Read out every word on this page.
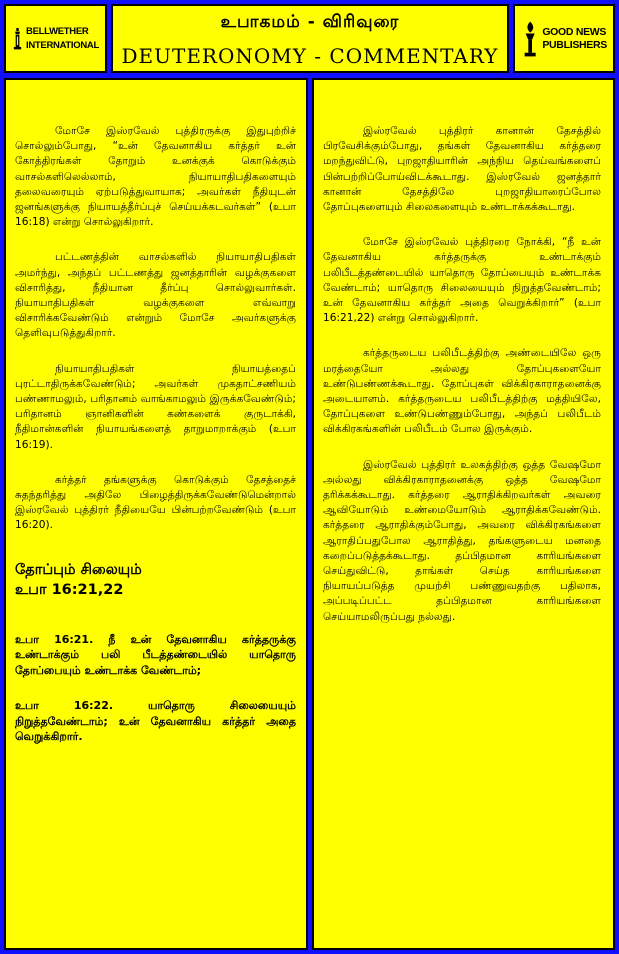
BELLWETHER
INTERNATIONAL
உபாகமம் - விரிவுரை
DEUTERONOMY - COMMENTARY
GOOD NEWS
PUBLISHERS

மோசே இஸ்ரவேல் புத்திரருக்கு இதுபுற்றிச் சொல்லும்போது, “உன் தேவனாகிய கர்த்தர் உன் கோத்திரங்கள் தோறும் உனக்குக் கொடுக்கும் வாசல்களிலெல்லாம், நியாயாதிபதிகளையும் தலைவரையும் ஏற்படுத்துவாயாக; அவர்கள் நீதியுடன் ஜனங்களுக்கு நியாயத்தீர்ப்புச் செய்யக்கடவர்கள்” (உபா 16:18) என்று சொல்லுகிறார்.

பட்டணத்தின் வாசல்களில் நியாயாதிபதிகள் அமர்ந்து, அந்தப் பட்டணத்து ஜனத்தாரின் வழக்குகளை விசாரித்து, நீதியான தீர்ப்பு சொல்லுவார்கள். நியாயாதிபதிகள் வழக்குகளை எவ்வாறு விசாரிக்கவேண்டும் என்றும் மோசே அவர்களுக்கு தெளிவுபடுத்துகிறார்.

நியாயாதிபதிகள் நியாயத்தைப் புரட்டாதிருக்கவேண்டும்; அவர்கள் முகதாட்சணியம் பண்ணாமலும், பரிதானம் வாங்காமலும் இருக்கவேண்டும்; பரிதானம் ஞானிகளின் கண்களைக் குருடாக்கி, நீதிமான்களின் நியாயங்களைத் தாறுமாறாக்கும் (உபா 16:19).

கர்த்தர் தங்களுக்கு கொடுக்கும் தேசத்தைச் சுதந்தரித்து அதிலே பிழைத்திருக்கவேண்டுமென்றால் இஸ்ரவேல் புத்திரர் நீதியையே பின்பற்றவேண்டும் (உபா 16:20).

தோப்பும் சிலையும்
உபா 16:21,22

உபா 16:21. நீ உன் தேவனாகிய கர்த்தருக்கு உண்டாக்கும் பலி பீடத்தண்டையில் யாதொரு தோப்பையும் உண்டாக்க வேண்டாம்;

உபா 16:22. யாதொரு சிலையையும் நிறுத்தவேண்டாம்; உன் தேவனாகிய கர்த்தர் அதை வெறுக்கிறார்.

இஸ்ரவேல் புத்திரர் கானான் தேசத்தில் பிரவேசிக்கும்போது, தங்கள் தேவனாகிய கர்த்தரை மறந்துவிட்டு, புறஜாதியாரின் அந்நிய தெய்வங்களைப் பின்பற்றிப்போய்விடக்கூடாது. இஸ்ரவேல் ஜனத்தார் கானான் தேசத்திலே புறஜாதியாரைப்போல தோப்புகளையும் சிலைகளையும் உண்டாக்கக்கூடாது.

மோசே இஸ்ரவேல் புத்திரரை நோக்கி, “நீ உன் தேவனாகிய கர்த்தருக்கு உண்டாக்கும் பலிபீடத்தண்டையில் யாதொரு தோப்பையும் உண்டாக்க வேண்டாம்; யாதொரு சிலையையும் நிறுத்தவேண்டாம்; உன் தேவனாகிய கர்த்தர் அதை வெறுக்கிறார்” (உபா 16:21,22) என்று சொல்லுகிறார்.

கர்த்தருடைய பலிபீடத்திற்கு அண்டையிலே ஒரு மரத்தையோ அல்லது தோப்புகளையோ உண்டுபண்ணக்கூடாது. தோப்புகள் விக்கிரகாராதனைக்கு அடையாளம். கர்த்தருடைய பலிபீடத்திற்கு மத்தியிலே, தோப்புகளை உண்டுபண்ணும்போது, அந்தப் பலிபீடம் விக்கிரகங்களின் பலிபீடம் போல இருக்கும்.

இஸ்ரவேல் புத்திரர் உலகத்திற்கு ஒத்த வேஷமோ அல்லது விக்கிரகாராதனைக்கு ஒத்த வேஷமோ தரிக்கக்கூடாது. கர்த்தரை ஆராதிக்கிறவர்கள் அவரை ஆவியோடும் உண்மையோடும் ஆராதிக்கவேண்டும். கர்த்தரை ஆராதிக்கும்போது, அவரை விக்கிரகங்களை ஆராதிப்பதுபோல ஆராதித்து, தங்களுடைய மனதை கறைப்படுத்தக்கூடாது. தப்பிதமான காரியங்களை செய்துவிட்டு, தாங்கள் செய்த காரியங்களை நியாயப்படுத்த முயற்சி பண்ணுவதற்கு பதிலாக, அப்படிப்பட்ட தப்பிதமான காரியங்களை செய்யாமலிருப்பது நல்லது.
